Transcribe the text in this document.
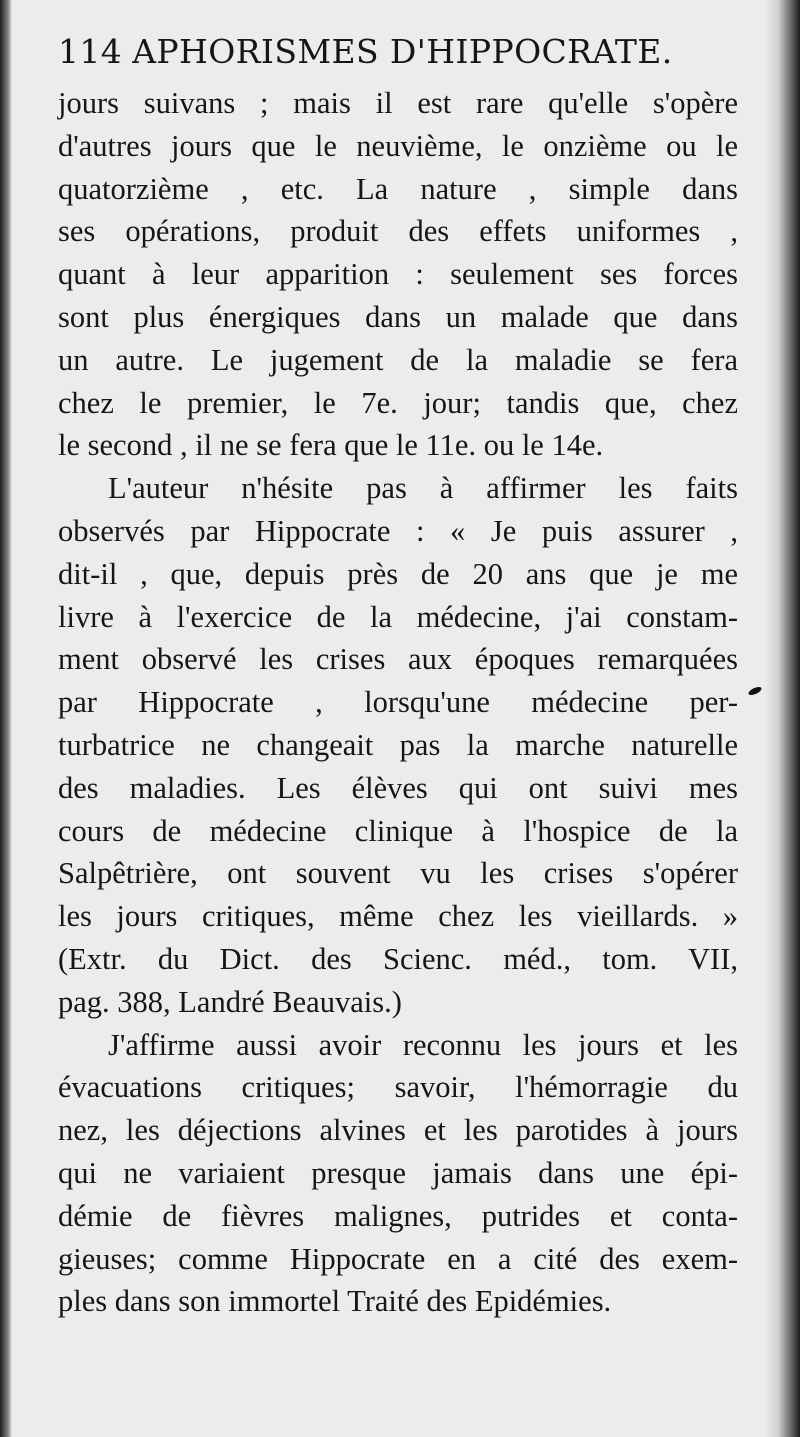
114 APHORISMES D'HIPPOCRATE.
jours suivans ; mais il est rare qu'elle s'opère
d'autres jours que le neuvième, le onzième ou le
quatorzième , etc. La nature , simple dans
ses opérations, produit des effets uniformes ,
quant à leur apparition : seulement ses forces
sont plus énergiques dans un malade que dans
un autre. Le jugement de la maladie se fera
chez le premier, le 7e. jour; tandis que, chez
le second , il ne se fera que le 11e. ou le 14e.
L'auteur n'hésite pas à affirmer les faits
observés par Hippocrate : « Je puis assurer ,
dit-il , que, depuis près de 20 ans que je me
livre à l'exercice de la médecine, j'ai constam-
ment observé les crises aux époques remarquées
par Hippocrate , lorsqu'une médecine per-
turbatrice ne changeait pas la marche naturelle
des maladies. Les élèves qui ont suivi mes
cours de médecine clinique à l'hospice de la
Salpêtrière, ont souvent vu les crises s'opérer
les jours critiques, même chez les vieillards. »
(Extr. du Dict. des Scienc. méd., tom. VII,
pag. 388, Landré Beauvais.)
J'affirme aussi avoir reconnu les jours et les
évacuations critiques; savoir, l'hémorragie du
nez, les déjections alvines et les parotides à jours
qui ne variaient presque jamais dans une épi-
démie de fièvres malignes, putrides et conta-
gieuses; comme Hippocrate en a cité des exem-
ples dans son immortel Traité des Epidémies.
